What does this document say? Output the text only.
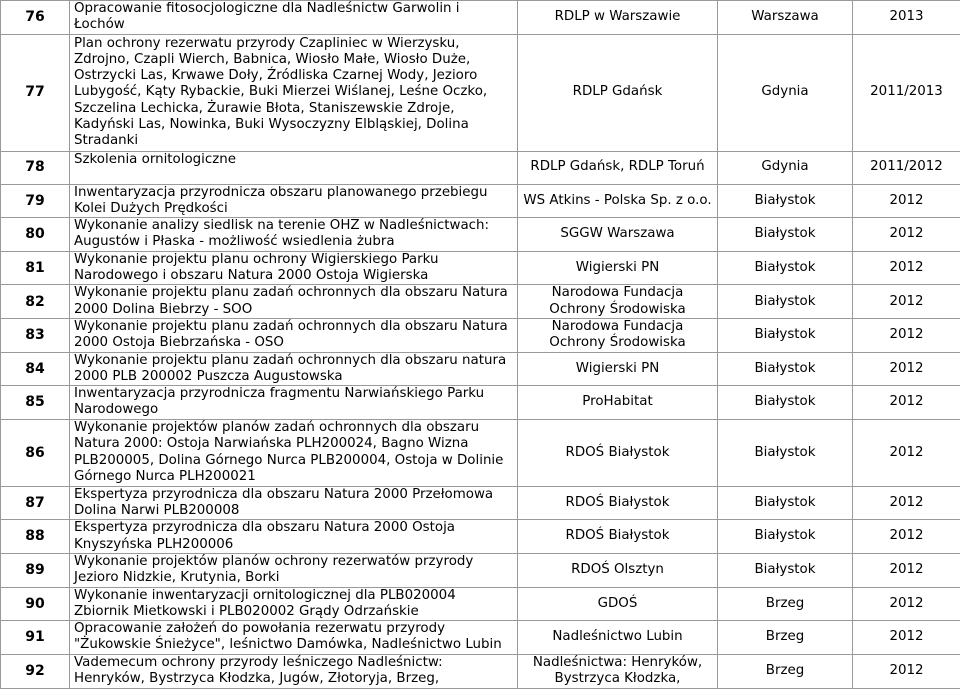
76	Opracowanie fitosocjologiczne dla Nadleśnictw Garwolin i Łochów	RDLP w Warszawie	Warszawa	2013
77	Plan ochrony rezerwatu przyrody Czapliniec w Wierzysku, Zdrojno, Czapli Wierch, Babnica, Wiosło Małe, Wiosło Duże, Ostrzycki Las, Krwawe Doły, Źródliska Czarnej Wody, Jezioro Lubygość, Kąty Rybackie, Buki Mierzei Wiślanej, Leśne Oczko, Szczelina Lechicka, Żurawie Błota, Staniszewskie Zdroje, Kadyński Las, Nowinka, Buki Wysoczyzny Elbląskiej, Dolina Stradanki	RDLP Gdańsk	Gdynia	2011/2013
78	Szkolenia ornitologiczne	RDLP Gdańsk, RDLP Toruń	Gdynia	2011/2012
79	Inwentaryzacja przyrodnicza obszaru planowanego przebiegu Kolei Dużych Prędkości	WS Atkins - Polska Sp. z o.o.	Białystok	2012
80	Wykonanie analizy siedlisk na terenie OHZ w Nadleśnictwach: Augustów i Płaska - możliwość wsiedlenia żubra	SGGW Warszawa	Białystok	2012
81	Wykonanie projektu planu ochrony Wigierskiego Parku Narodowego i obszaru Natura 2000 Ostoja Wigierska	Wigierski PN	Białystok	2012
82	Wykonanie projektu planu zadań ochronnych dla obszaru Natura 2000 Dolina Biebrzy - SOO	Narodowa Fundacja Ochrony Środowiska	Białystok	2012
83	Wykonanie projektu planu zadań ochronnych dla obszaru Natura 2000 Ostoja Biebrzańska - OSO	Narodowa Fundacja Ochrony Środowiska	Białystok	2012
84	Wykonanie projektu planu zadań ochronnych dla obszaru natura 2000 PLB 200002 Puszcza Augustowska	Wigierski PN	Białystok	2012
85	Inwentaryzacja przyrodnicza fragmentu Narwiańskiego Parku Narodowego	ProHabitat	Białystok	2012
86	Wykonanie projektów planów zadań ochronnych dla obszaru Natura 2000: Ostoja Narwiańska PLH200024, Bagno Wizna PLB200005, Dolina Górnego Nurca PLB200004, Ostoja w Dolinie Górnego Nurca PLH200021	RDOŚ Białystok	Białystok	2012
87	Ekspertyza przyrodnicza dla obszaru Natura 2000 Przełomowa Dolina Narwi PLB200008	RDOŚ Białystok	Białystok	2012
88	Ekspertyza przyrodnicza dla obszaru Natura 2000 Ostoja Knyszyńska PLH200006	RDOŚ Białystok	Białystok	2012
89	Wykonanie projektów planów ochrony rezerwatów przyrody Jezioro Nidzkie, Krutynia, Borki	RDOŚ Olsztyn	Białystok	2012
90	Wykonanie inwentaryzacji ornitologicznej dla PLB020004 Zbiornik Mietkowski i PLB020002 Grądy Odrzańskie	GDOŚ	Brzeg	2012
91	Opracowanie założeń do powołania rezerwatu przyrody "Żukowskie Śnieżyce", leśnictwo Damówka, Nadleśnictwo Lubin	Nadleśnictwo Lubin	Brzeg	2012
92	Vademecum ochrony przyrody leśniczego Nadleśnictw: Henryków, Bystrzyca Kłodzka, Jugów, Złotoryja, Brzeg,	Nadleśnictwa: Henryków, Bystrzyca Kłodzka,	Brzeg	2012
